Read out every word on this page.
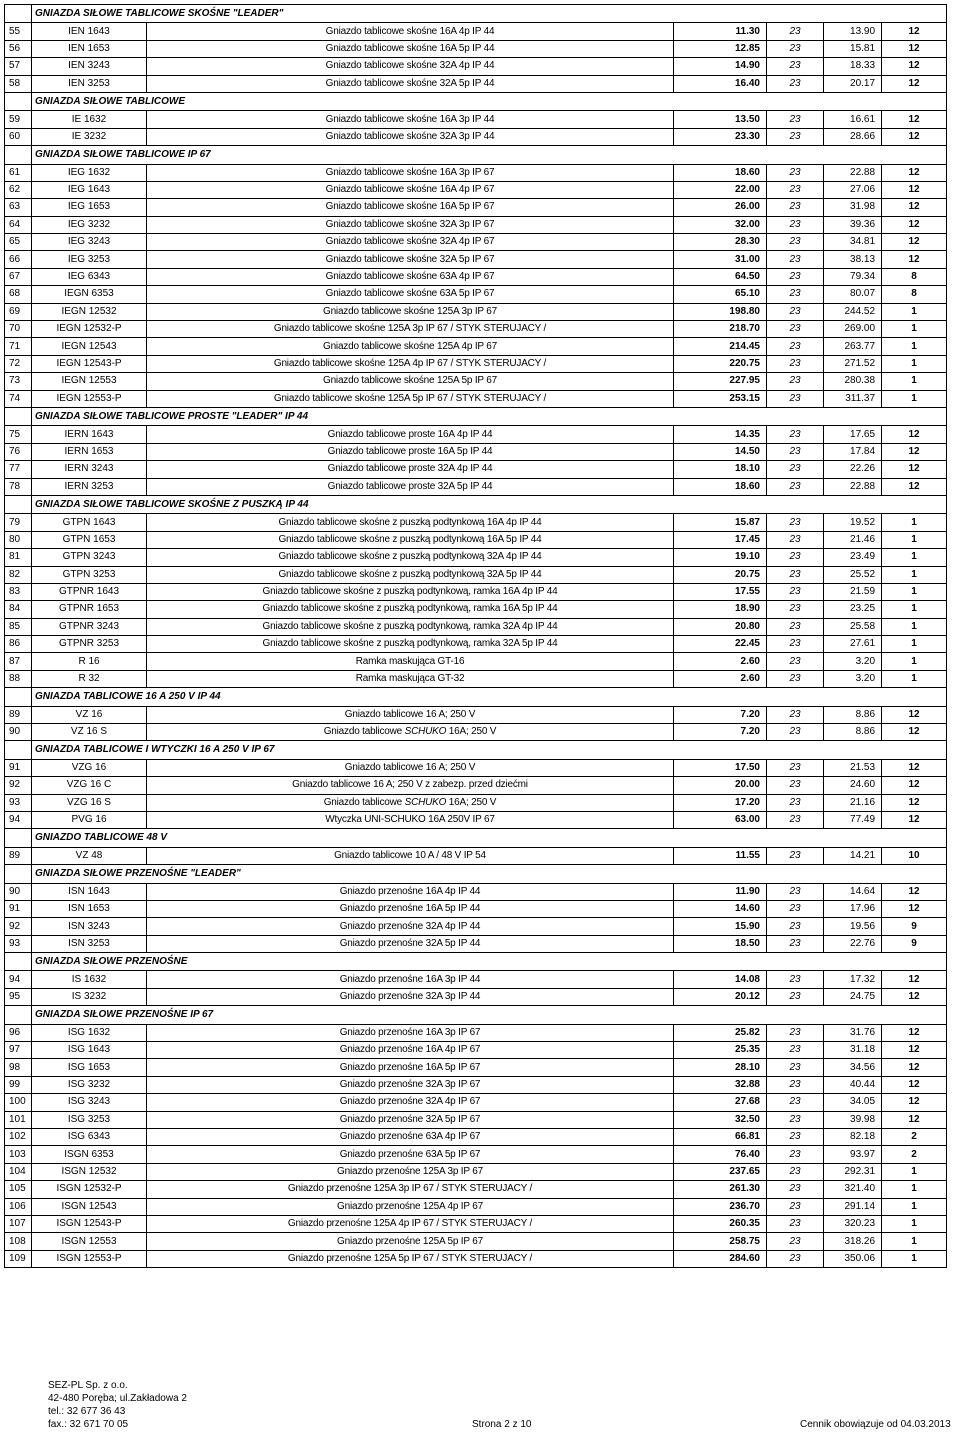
	GNIAZDA SIŁOWE TABLICOWE SKOŚNE "LEADER"					
55	IEN 1643	Gniazdo tablicowe skośne 16A 4p IP 44	11.30	23	13.90	12
56	IEN 1653	Gniazdo tablicowe skośne 16A 5p IP 44	12.85	23	15.81	12
57	IEN 3243	Gniazdo tablicowe skośne 32A 4p IP 44	14.90	23	18.33	12
58	IEN 3253	Gniazdo tablicowe skośne 32A 5p IP 44	16.40	23	20.17	12
	GNIAZDA SIŁOWE TABLICOWE					
59	IE 1632	Gniazdo tablicowe skośne 16A 3p IP 44	13.50	23	16.61	12
60	IE 3232	Gniazdo tablicowe skośne 32A 3p IP 44	23.30	23	28.66	12
	GNIAZDA SIŁOWE TABLICOWE IP 67					
61	IEG 1632	Gniazdo tablicowe skośne 16A 3p IP 67	18.60	23	22.88	12
62	IEG 1643	Gniazdo tablicowe skośne 16A 4p IP 67	22.00	23	27.06	12
63	IEG 1653	Gniazdo tablicowe skośne 16A 5p IP 67	26.00	23	31.98	12
64	IEG 3232	Gniazdo tablicowe skośne 32A 3p IP 67	32.00	23	39.36	12
65	IEG 3243	Gniazdo tablicowe skośne 32A 4p IP 67	28.30	23	34.81	12
66	IEG 3253	Gniazdo tablicowe skośne 32A 5p IP 67	31.00	23	38.13	12
67	IEG 6343	Gniazdo tablicowe skośne 63A 4p IP 67	64.50	23	79.34	8
68	IEGN 6353	Gniazdo tablicowe skośne 63A 5p IP 67	65.10	23	80.07	8
69	IEGN 12532	Gniazdo tablicowe skośne 125A 3p IP 67	198.80	23	244.52	1
70	IEGN 12532-P	Gniazdo tablicowe skośne 125A 3p IP 67 / STYK STERUJACY /	218.70	23	269.00	1
71	IEGN 12543	Gniazdo tablicowe skośne 125A 4p IP 67	214.45	23	263.77	1
72	IEGN 12543-P	Gniazdo tablicowe skośne 125A 4p IP 67 / STYK STERUJACY /	220.75	23	271.52	1
73	IEGN 12553	Gniazdo tablicowe skośne 125A 5p IP 67	227.95	23	280.38	1
74	IEGN 12553-P	Gniazdo tablicowe skośne 125A 5p IP 67 / STYK STERUJACY /	253.15	23	311.37	1
	GNIAZDA SIŁOWE TABLICOWE PROSTE "LEADER" IP 44					
75	IERN 1643	Gniazdo tablicowe proste 16A 4p IP 44	14.35	23	17.65	12
76	IERN 1653	Gniazdo tablicowe proste 16A 5p IP 44	14.50	23	17.84	12
77	IERN 3243	Gniazdo tablicowe proste 32A 4p IP 44	18.10	23	22.26	12
78	IERN 3253	Gniazdo tablicowe proste 32A 5p IP 44	18.60	23	22.88	12
	GNIAZDA SIŁOWE TABLICOWE SKOŚNE Z PUSZKĄ IP 44					
79	GTPN 1643	Gniazdo tablicowe skośne z puszką podtynkową 16A 4p IP 44	15.87	23	19.52	1
80	GTPN 1653	Gniazdo tablicowe skośne z puszką podtynkową 16A 5p IP 44	17.45	23	21.46	1
81	GTPN 3243	Gniazdo tablicowe skośne z puszką podtynkową 32A 4p IP 44	19.10	23	23.49	1
82	GTPN 3253	Gniazdo tablicowe skośne z puszką podtynkową 32A 5p IP 44	20.75	23	25.52	1
83	GTPNR 1643	Gniazdo tablicowe skośne z puszką podtynkową, ramka 16A 4p IP 44	17.55	23	21.59	1
84	GTPNR 1653	Gniazdo tablicowe skośne z puszką podtynkową, ramka 16A 5p IP 44	18.90	23	23.25	1
85	GTPNR 3243	Gniazdo tablicowe skośne z puszką podtynkową, ramka 32A 4p IP 44	20.80	23	25.58	1
86	GTPNR 3253	Gniazdo tablicowe skośne z puszką podtynkową, ramka 32A 5p IP 44	22.45	23	27.61	1
87	R 16	Ramka maskująca GT-16	2.60	23	3.20	1
88	R 32	Ramka maskująca GT-32	2.60	23	3.20	1
	GNIAZDA TABLICOWE 16 A 250 V IP 44					
89	VZ 16	Gniazdo tablicowe 16 A; 250 V	7.20	23	8.86	12
90	VZ 16 S	Gniazdo tablicowe SCHUKO 16A; 250 V	7.20	23	8.86	12
	GNIAZDA TABLICOWE I WTYCZKI 16 A 250 V IP 67					
91	VZG 16	Gniazdo tablicowe 16 A; 250 V	17.50	23	21.53	12
92	VZG 16 C	Gniazdo tablicowe 16 A; 250 V z zabezp. przed dziećmi	20.00	23	24.60	12
93	VZG 16 S	Gniazdo tablicowe SCHUKO 16A; 250 V	17.20	23	21.16	12
94	PVG 16	Wtyczka UNI-SCHUKO 16A 250V IP 67	63.00	23	77.49	12
	GNIAZDO TABLICOWE 48 V					
89	VZ 48	Gniazdo tablicowe 10 A / 48 V IP 54	11.55	23	14.21	10
	GNIAZDA SIŁOWE PRZENOŚNE "LEADER"					
90	ISN 1643	Gniazdo przenośne 16A 4p IP 44	11.90	23	14.64	12
91	ISN 1653	Gniazdo przenośne 16A 5p IP 44	14.60	23	17.96	12
92	ISN 3243	Gniazdo przenośne 32A 4p IP 44	15.90	23	19.56	9
93	ISN 3253	Gniazdo przenośne 32A 5p IP 44	18.50	23	22.76	9
	GNIAZDA SIŁOWE PRZENOŚNE					
94	IS 1632	Gniazdo przenośne 16A 3p IP 44	14.08	23	17.32	12
95	IS 3232	Gniazdo przenośne 32A 3p IP 44	20.12	23	24.75	12
	GNIAZDA SIŁOWE PRZENOŚNE IP 67					
96	ISG 1632	Gniazdo przenośne 16A 3p IP 67	25.82	23	31.76	12
97	ISG 1643	Gniazdo przenośne 16A 4p IP 67	25.35	23	31.18	12
98	ISG 1653	Gniazdo przenośne 16A 5p IP 67	28.10	23	34.56	12
99	ISG 3232	Gniazdo przenośne 32A 3p IP 67	32.88	23	40.44	12
100	ISG 3243	Gniazdo przenośne 32A 4p IP 67	27.68	23	34.05	12
101	ISG 3253	Gniazdo przenośne 32A 5p IP 67	32.50	23	39.98	12
102	ISG 6343	Gniazdo przenośne 63A 4p IP 67	66.81	23	82.18	2
103	ISGN 6353	Gniazdo przenośne 63A 5p IP 67	76.40	23	93.97	2
104	ISGN 12532	Gniazdo przenośne 125A 3p IP 67	237.65	23	292.31	1
105	ISGN 12532-P	Gniazdo przenośne 125A 3p IP 67 / STYK STERUJACY /	261.30	23	321.40	1
106	ISGN 12543	Gniazdo przenośne 125A 4p IP 67	236.70	23	291.14	1
107	ISGN 12543-P	Gniazdo przenośne 125A 4p IP 67 / STYK STERUJACY /	260.35	23	320.23	1
108	ISGN 12553	Gniazdo przenośne 125A 5p IP 67	258.75	23	318.26	1
109	ISGN 12553-P	Gniazdo przenośne 125A 5p IP 67 / STYK STERUJACY /	284.60	23	350.06	1
SEZ-PL Sp. z o.o.
42-480 Poręba; ul.Zakładowa 2
tel.: 32 677 36 43
fax.: 32 671 70 05	Strona 2 z 10	Cennik obowiązuje od 04.03.2013
